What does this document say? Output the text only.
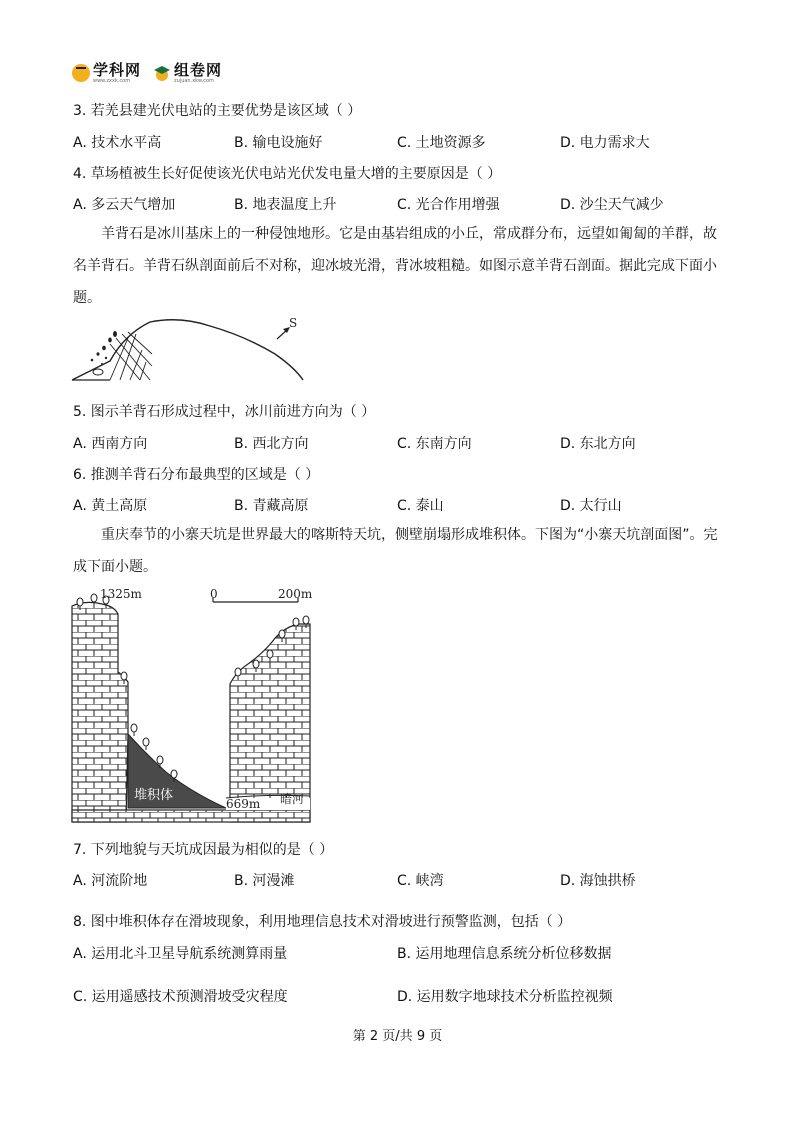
学科网
www.zxxk.com
组卷网
zujuan.xkw.com
3. 若羌县建光伏电站的主要优势是该区域（ ）
A. 技术水平高	B. 输电设施好	C. 土地资源多	D. 电力需求大
4. 草场植被生长好促使该光伏电站光伏发电量大增的主要原因是（ ）
A. 多云天气增加	B. 地表温度上升	C. 光合作用增强	D. 沙尘天气减少
羊背石是冰川基床上的一种侵蚀地形。它是由基岩组成的小丘，常成群分布，远望如匍匐的羊群，故名羊背石。羊背石纵剖面前后不对称，迎冰坡光滑，背冰坡粗糙。如图示意羊背石剖面。据此完成下面小题。
S
5. 图示羊背石形成过程中，冰川前进方向为（ ）
A. 西南方向	B. 西北方向	C. 东南方向	D. 东北方向
6. 推测羊背石分布最典型的区域是（ ）
A. 黄土高原	B. 青藏高原	C. 泰山	D. 太行山
重庆奉节的小寨天坑是世界最大的喀斯特天坑，侧壁崩塌形成堆积体。下图为“小寨天坑剖面图”。完成下面小题。
1325m	0	200m
堆积体
669m 暗河
7. 下列地貌与天坑成因最为相似的是（ ）
A. 河流阶地	B. 河漫滩	C. 峡湾	D. 海蚀拱桥
8. 图中堆积体存在滑坡现象，利用地理信息技术对滑坡进行预警监测，包括（ ）
A. 运用北斗卫星导航系统测算雨量	B. 运用地理信息系统分析位移数据
C. 运用遥感技术预测滑坡受灾程度	D. 运用数字地球技术分析监控视频
第 2 页/共 9 页
